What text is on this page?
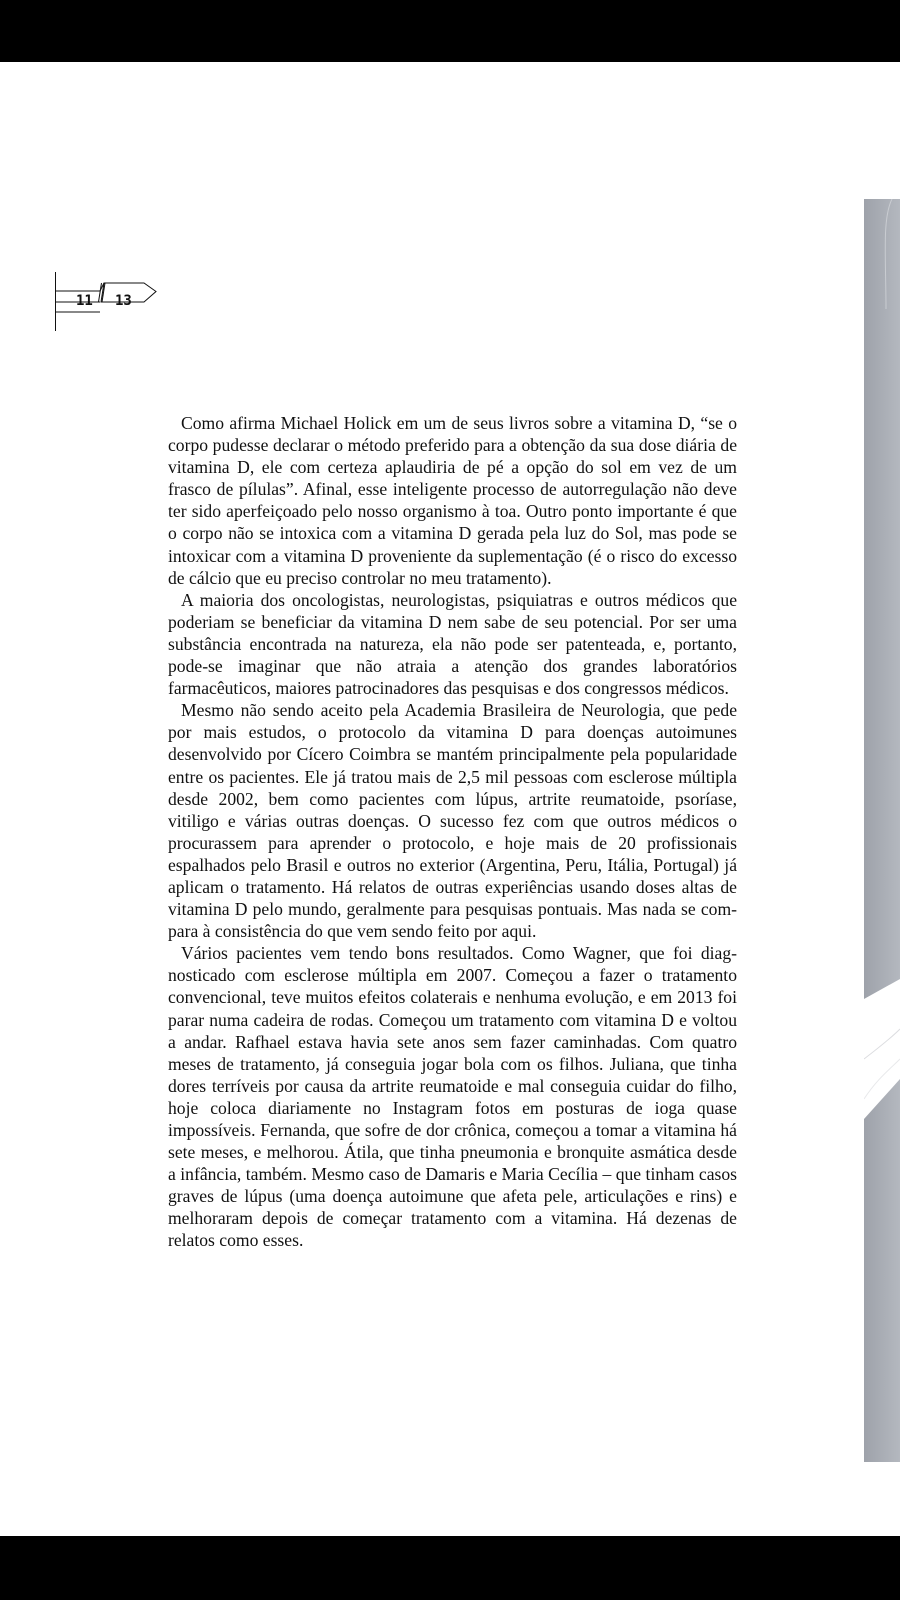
11 13

Como afirma Michael Holick em um de seus livros sobre a vitamina D, “se o corpo pudesse declarar o método preferido para a obtenção da sua dose diária de vitamina D, ele com certeza aplaudiria de pé a opção do sol em vez de um frasco de pílulas”. Afinal, esse inteligente processo de autorregulação não deve ter sido aperfeiçoado pelo nosso organismo à toa. Outro ponto importante é que o corpo não se intoxica com a vitamina D gerada pela luz do Sol, mas pode se intoxicar com a vitamina D proveniente da suplementação (é o risco do excesso de cálcio que eu preciso controlar no meu tratamento).

A maioria dos oncologistas, neurologistas, psiquiatras e outros médicos que poderiam se beneficiar da vitamina D nem sabe de seu potencial. Por ser uma substância encontrada na natureza, ela não pode ser patenteada, e, portanto, pode-se imaginar que não atraia a atenção dos grandes laboratórios farmacêuticos, maiores patrocinadores das pesquisas e dos congressos médicos.

Mesmo não sendo aceito pela Academia Brasileira de Neurologia, que pede por mais estudos, o protocolo da vitamina D para doenças autoimunes desenvolvido por Cícero Coimbra se mantém principalmente pela popularidade entre os pacientes. Ele já tratou mais de 2,5 mil pessoas com esclerose múltipla desde 2002, bem como pacientes com lúpus, artrite reumatoide, psoríase, vitiligo e várias outras doenças. O sucesso fez com que outros médicos o procurassem para aprender o protocolo, e hoje mais de 20 profissionais espalhados pelo Brasil e outros no exterior (Argentina, Peru, Itália, Portugal) já aplicam o tratamento. Há relatos de outras experiências usando doses altas de vitamina D pelo mundo, geralmente para pesquisas pontuais. Mas nada se compara à consistência do que vem sendo feito por aqui.

Vários pacientes vem tendo bons resultados. Como Wagner, que foi diagnosticado com esclerose múltipla em 2007. Começou a fazer o tratamento convencional, teve muitos efeitos colaterais e nenhuma evolução, e em 2013 foi parar numa cadeira de rodas. Começou um tratamento com vitamina D e voltou a andar. Rafhael estava havia sete anos sem fazer caminhadas. Com quatro meses de tratamento, já conseguia jogar bola com os filhos. Juliana, que tinha dores terríveis por causa da artrite reumatoide e mal conseguia cuidar do filho, hoje coloca diariamente no Instagram fotos em posturas de ioga quase impossíveis. Fernanda, que sofre de dor crônica, começou a tomar a vitamina há sete meses, e melhorou. Átila, que tinha pneumonia e bronquite asmática desde a infância, também. Mesmo caso de Damaris e Maria Cecília – que tinham casos graves de lúpus (uma doença autoimune que afeta pele, articulações e rins) e melhoraram depois de começar tratamento com a vitamina. Há dezenas de relatos como esses.
